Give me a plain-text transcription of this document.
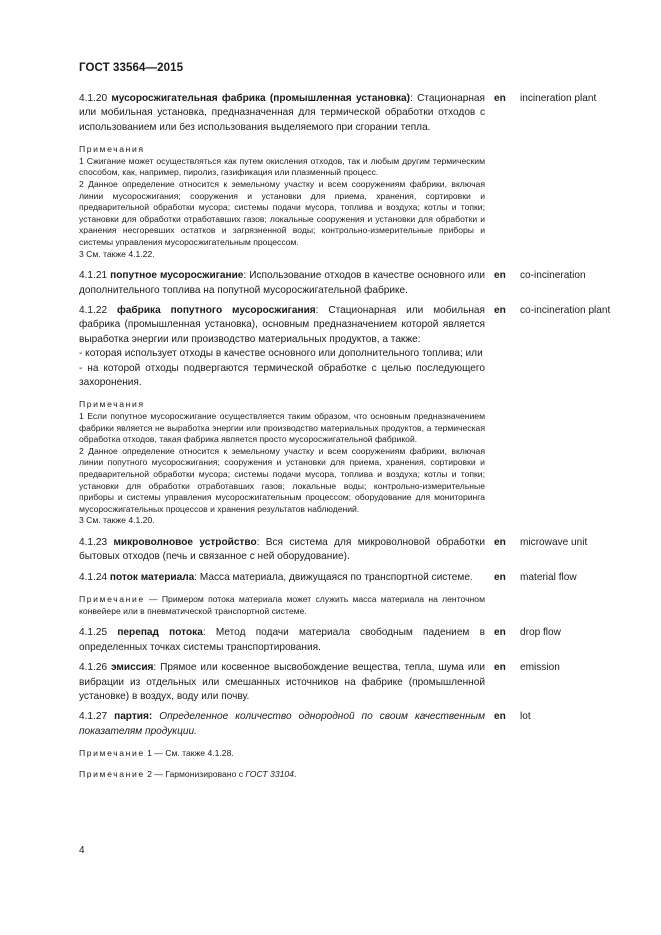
ГОСТ 33564—2015
4.1.20 мусоросжигательная фабрика (промышленная установка): Стационарная или мобильная установка, предназначенная для термической обработки отходов с использованием или без использования выделяемого при сгорании тепла.
en incineration plant
Примечания
1 Сжигание может осуществляться как путем окисления отходов, так и любым другим термическим способом, как, например, пиролиз, газификация или плазменный процесс.
2 Данное определение относится к земельному участку и всем сооружениям фабрики, включая линии мусоросжигания; сооружения и установки для приема, хранения, сортировки и предварительной обработки мусора; системы подачи мусора, топлива и воздуха; котлы и топки; установки для обработки отработавших газов; локальные сооружения и установки для обработки и хранения несгоревших остатков и загрязненной воды; контрольно-измерительные приборы и системы управления мусоросжигательным процессом.
3 См. также 4.1.22.
4.1.21 попутное мусоросжигание: Использование отходов в качестве основного или дополнительного топлива на попутной мусоросжигательной фабрике.
en co-incineration
4.1.22 фабрика попутного мусоросжигания: Стационарная или мобильная фабрика (промышленная установка), основным предназначением которой является выработка энергии или производство материальных продуктов, а также:
- которая использует отходы в качестве основного или дополнительного топлива; или
- на которой отходы подвергаются термической обработке с целью последующего захоронения.
en co-incineration plant
Примечания
1 Если попутное мусоросжигание осуществляется таким образом, что основным предназначением фабрики является не выработка энергии или производство материальных продуктов, а термическая обработка отходов, такая фабрика является просто мусоросжигательной фабрикой.
2 Данное определение относится к земельному участку и всем сооружениям фабрики, включая линии попутного мусоросжигания; сооружения и установки для приема, хранения, сортировки и предварительной обработки мусора; системы подачи мусора, топлива и воздуха; котлы и топки; установки для обработки отработавших газов; локальные воды; контрольно-измерительные приборы и системы управления мусоросжигательным процессом; оборудование для мониторинга мусоросжигательных процессов и хранения результатов наблюдений.
3 См. также 4.1.20.
4.1.23 микроволновое устройство: Вся система для микроволновой обработки бытовых отходов (печь и связанное с ней оборудование).
en microwave unit
4.1.24 поток материала: Масса материала, движущаяся по транспортной системе.	en material flow
Примечание — Примером потока материала может служить масса материала на ленточном конвейере или в пневматической транспортной системе.
4.1.25 перепад потока: Метод подачи материала свободным падением в определенных точках системы транспортирования.
en drop flow
4.1.26 эмиссия: Прямое или косвенное высвобождение вещества, тепла, шума или вибрации из отдельных или смешанных источников на фабрике (промышленной установке) в воздух, воду или почву.
en emission
4.1.27 партия: Определенное количество однородной по своим качественным показателям продукции.
en lot
Примечание 1 — См. также 4.1.28.
Примечание 2 — Гармонизировано с ГОСТ 33104.
4
